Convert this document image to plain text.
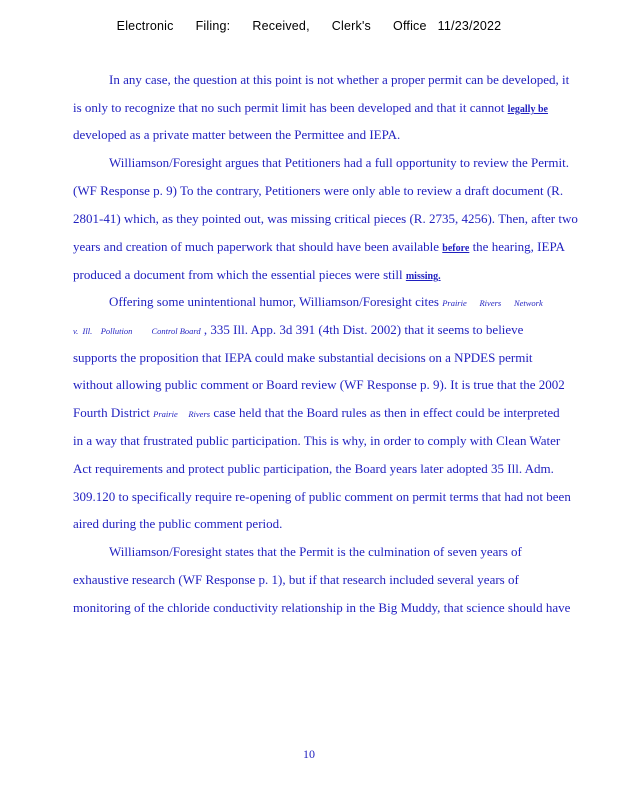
Electronic      Filing:      Received,      Clerk's      Office   11/23/2022
In any case, the question at this point is not whether a proper permit can be developed, it
is only to recognize that no such permit limit has been developed and that it cannot legally be
developed as a private matter between the Permittee and IEPA.
Williamson/Foresight argues that Petitioners had a full opportunity to review the Permit.
(WF Response p. 9) To the contrary, Petitioners were only able to review a draft document (R.
2801-41) which, as they pointed out, was missing critical pieces (R. 2735, 4256). Then, after two
years and creation of much paperwork that should have been available before the hearing, IEPA
produced a document from which the essential pieces were still missing.
Offering some unintentional humor, Williamson/Foresight cites Prairie      Rivers      Network
v.  Ill.    Pollution         Control Board , 335 Ill. App. 3d 391 (4th Dist. 2002) that it seems to believe
supports the proposition that IEPA could make substantial decisions on a NPDES permit
without allowing public comment or Board review (WF Response p. 9). It is true that the 2002
Fourth District Prairie     Rivers case held that the Board rules as then in effect could be interpreted
in a way that frustrated public participation. This is why, in order to comply with Clean Water
Act requirements and protect public participation, the Board years later adopted 35 Ill. Adm.
309.120 to specifically require re-opening of public comment on permit terms that had not been
aired during the public comment period.
Williamson/Foresight states that the Permit is the culmination of seven years of
exhaustive research (WF Response p. 1), but if that research included several years of
monitoring of the chloride conductivity relationship in the Big Muddy, that science should have
10
